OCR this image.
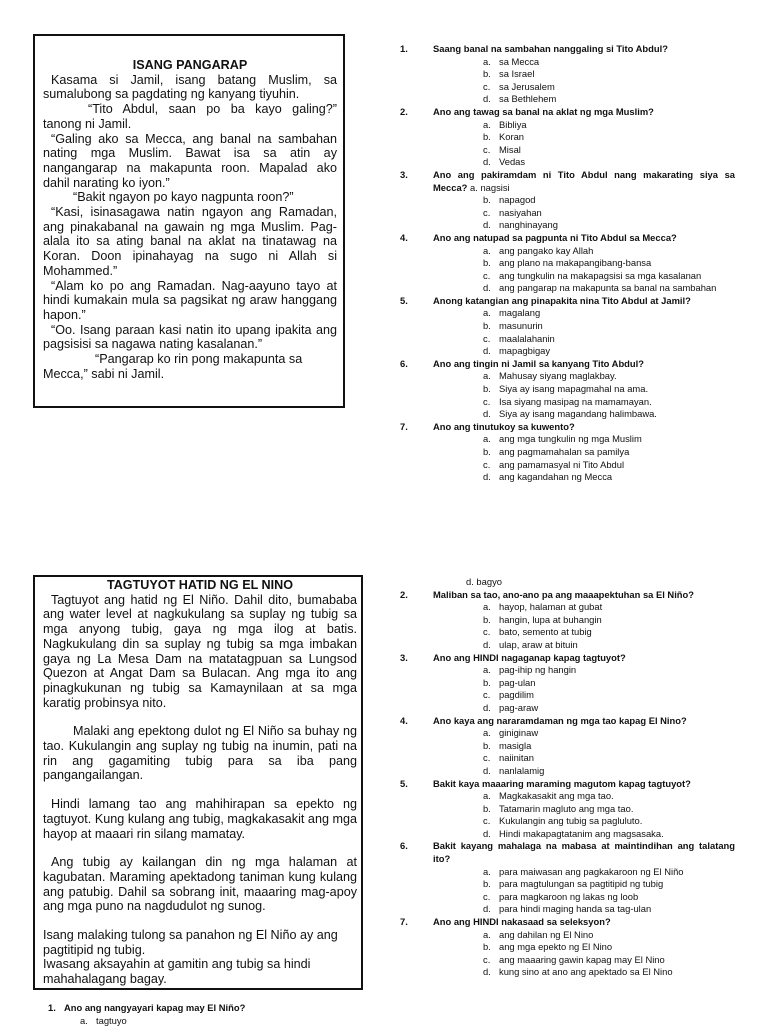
ISANG PANGARAP

Kasama si Jamil, isang batang Muslim, sa sumalubong sa pagdating ng kanyang tiyuhin.

“Tito Abdul, saan po ba kayo galing?” tanong ni Jamil.

“Galing ako sa Mecca, ang banal na sambahan nating mga Muslim. Bawat isa sa atin ay nangangarap na makapunta roon. Mapalad ako dahil narating ko iyon.”

“Bakit ngayon po kayo nagpunta roon?”

“Kasi, isinasagawa natin ngayon ang Ramadan, ang pinakabanal na gawain ng mga Muslim. Pag-alala ito sa ating banal na aklat na tinatawag na Koran. Doon ipinahayag na sugo ni Allah si Mohammed.”

“Alam ko po ang Ramadan. Nag-aayuno tayo at hindi kumakain mula sa pagsikat ng araw hanggang hapon.”

“Oo. Isang paraan kasi natin ito upang ipakita ang pagsisisi sa nagawa nating kasalanan.”

“Pangarap ko rin pong makapunta sa Mecca,” sabi ni Jamil.

1.	Saang banal na sambahan nanggaling si Tito Abdul?
a. sa Mecca
b. sa Israel
c. sa Jerusalem
d. sa Bethlehem
2.	Ano ang tawag sa banal na aklat ng mga Muslim?
a. Bibliya
b. Koran
c. Misal
d. Vedas
3.	Ano ang pakiramdam ni Tito Abdul nang makarating siya sa Mecca? a. nagsisi
b. napagod
c. nasiyahan
d. nanghinayang
4.	Ano ang natupad sa pagpunta ni Tito Abdul sa Mecca?
a. ang pangako kay Allah
b. ang plano na makapangibang-bansa
c. ang tungkulin na makapagsisi sa mga kasalanan
d. ang pangarap na makapunta sa banal na sambahan
5.	Anong katangian ang pinapakita nina Tito Abdul at Jamil?
a. magalang
b. masunurin
c. maalalahanin
d. mapagbigay
6.	Ano ang tingin ni Jamil sa kanyang Tito Abdul?
a. Mahusay siyang maglakbay.
b. Siya ay isang mapagmahal na ama.
c. Isa siyang masipag na mamamayan.
d. Siya ay isang magandang halimbawa.
7.	Ano ang tinutukoy sa kuwento?
a. ang mga tungkulin ng mga Muslim
b. ang pagmamahalan sa pamilya
c. ang pamamasyal ni Tito Abdul
d. ang kagandahan ng Mecca
TAGTUYOT HATID NG EL NINO

Tagtuyot ang hatid ng El Niño. Dahil dito, bumababa ang water level at nagkukulang sa suplay ng tubig sa mga anyong tubig, gaya ng mga ilog at batis. Nagkukulang din sa suplay ng tubig sa mga imbakan gaya ng La Mesa Dam na matatagpuan sa Lungsod Quezon at Angat Dam sa Bulacan. Ang mga ito ang pinagkukunan ng tubig sa Kamaynilaan at sa mga karatig probinsya nito.

Malaki ang epektong dulot ng El Niño sa buhay ng tao. Kukulangin ang suplay ng tubig na inumin, pati na rin ang gagamiting tubig para sa iba pang pangangailangan.

Hindi lamang tao ang mahihirapan sa epekto ng tagtuyot. Kung kulang ang tubig, magkakasakit ang mga hayop at maaari rin silang mamatay.

Ang tubig ay kailangan din ng mga halaman at kagubatan. Maraming apektadong taniman kung kulang ang patubig. Dahil sa sobrang init, maaaring mag-apoy ang mga puno na nagdudulot ng sunog.

Isang malaking tulong sa panahon ng El Niño ay ang pagtitipid ng tubig.

Iwasang aksayahin at gamitin ang tubig sa hindi mahahalagang bagay.

d. bagyo
2.	Maliban sa tao, ano-ano pa ang maaapektuhan sa El Niño?
a. hayop, halaman at gubat
b. hangin, lupa at buhangin
c. bato, semento at tubig
d. ulap, araw at bituin
3.	Ano ang HINDI nagaganap kapag tagtuyot?
a. pag-ihip ng hangin
b. pag-ulan
c. pagdilim
d. pag-araw
4.	Ano kaya ang nararamdaman ng mga tao kapag El Nino?
a. giniginaw
b. masigla
c. naiinitan
d. nanlalamig
5.	Bakit kaya maaaring maraming magutom kapag tagtuyot?
a. Magkakasakit ang mga tao.
b. Tatamarin magluto ang mga tao.
c. Kukulangin ang tubig sa pagluluto.
d. Hindi makapagtatanim ang magsasaka.
6.	Bakit kayang mahalaga na mabasa at maintindihan ang talatang ito?
a. para maiwasan ang pagkakaroon ng El Niño
b. para magtulungan sa pagtitipid ng tubig
c. para magkaroon ng lakas ng loob
d. para hindi maging handa sa tag-ulan
7.	Ano ang HINDI nakasaad sa seleksyon?
a. ang dahilan ng El Nino
b. ang mga epekto ng El Nino
c. ang maaaring gawin kapag may El Nino
d. kung sino at ano ang apektado sa El Nino
1. Ano ang nangyayari kapag may El Niño?
a. tagtuyo
